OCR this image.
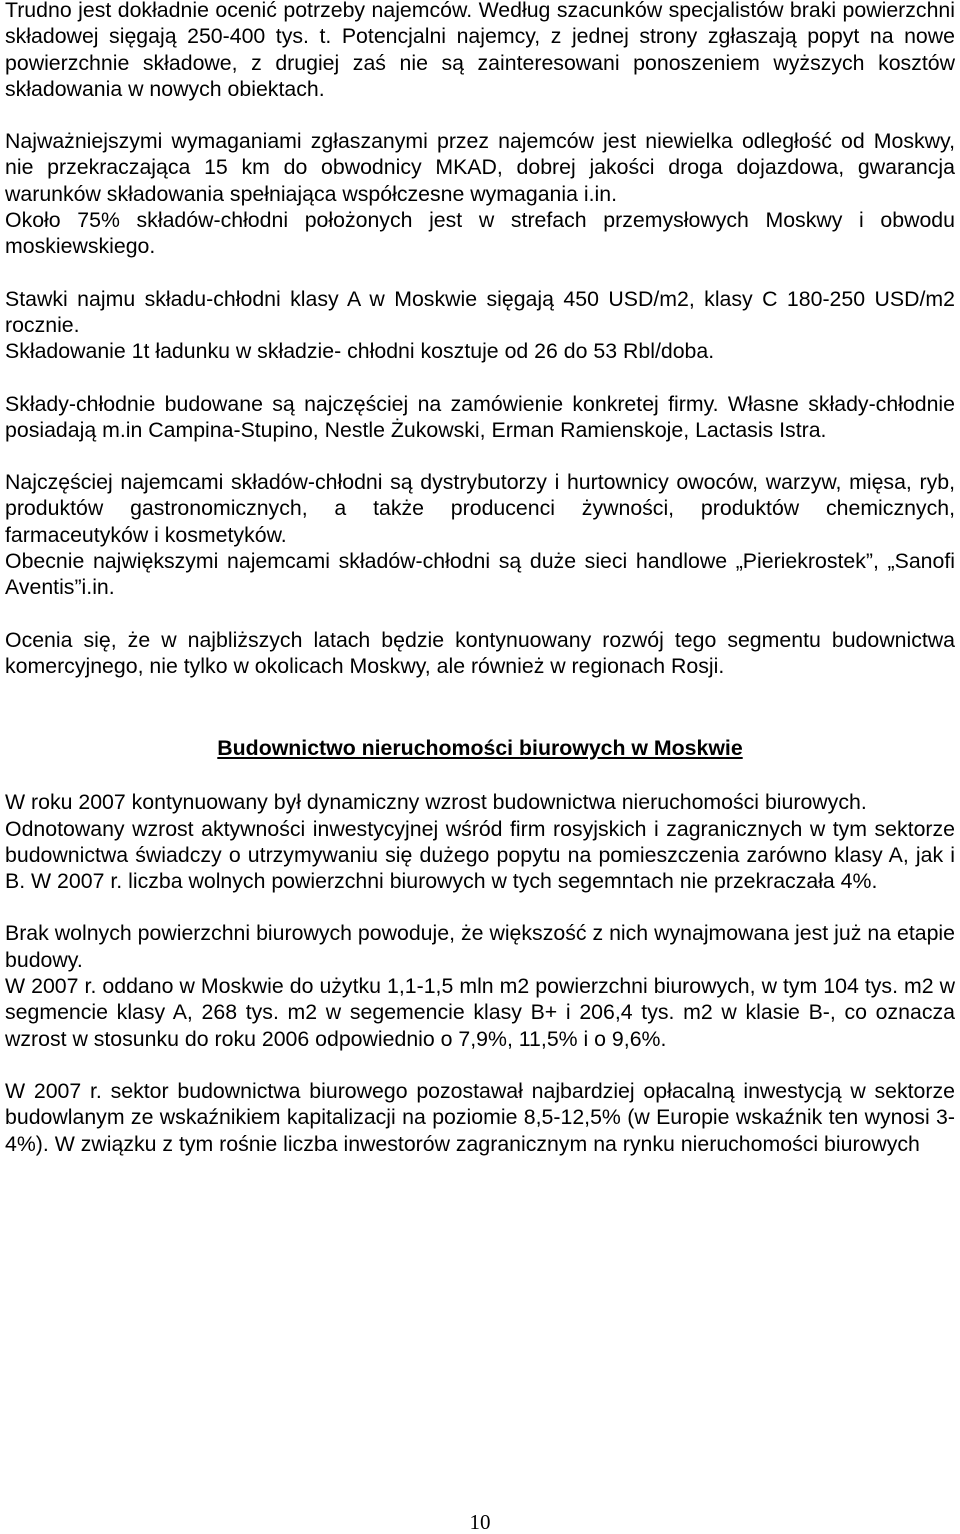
Trudno jest dokładnie ocenić potrzeby najemców. Według szacunków specjalistów braki powierzchni składowej sięgają 250-400 tys. t. Potencjalni najemcy, z jednej strony zgłaszają popyt na nowe powierzchnie składowe, z drugiej zaś nie są zainteresowani ponoszeniem wyższych kosztów składowania w nowych obiektach.

Najważniejszymi wymaganiami zgłaszanymi przez najemców jest niewielka odległość od Moskwy, nie przekraczająca 15 km do obwodnicy MKAD, dobrej jakości droga dojazdowa, gwarancja warunków składowania spełniająca współczesne wymagania i.in.

Około 75% składów-chłodni położonych jest w strefach przemysłowych Moskwy i obwodu moskiewskiego.

Stawki najmu składu-chłodni klasy A w Moskwie sięgają 450 USD/m2, klasy C 180-250 USD/m2 rocznie.

Składowanie 1t ładunku w składzie- chłodni kosztuje od 26 do 53 Rbl/doba.

Składy-chłodnie budowane są najczęściej na zamówienie konkretej firmy. Własne składy-chłodnie posiadają m.in Campina-Stupino, Nestle Żukowski, Erman Ramienskoje, Lactasis Istra.

Najczęściej najemcami składów-chłodni są dystrybutorzy i hurtownicy owoców, warzyw, mięsa, ryb, produktów gastronomicznych, a także producenci żywności, produktów chemicznych, farmaceutyków i kosmetyków.

Obecnie największymi najemcami składów-chłodni są duże sieci handlowe „Pieriekrostek”, „Sanofi Aventis”i.in.

Ocenia się, że w najbliższych latach będzie kontynuowany rozwój tego segmentu budownictwa komercyjnego, nie tylko w okolicach Moskwy, ale również w regionach Rosji.

Budownictwo nieruchomości biurowych w Moskwie

W roku 2007 kontynuowany był dynamiczny wzrost budownictwa nieruchomości biurowych.

Odnotowany wzrost aktywności inwestycyjnej wśród firm rosyjskich i zagranicznych w tym sektorze budownictwa świadczy o utrzymywaniu się dużego popytu na pomieszczenia zarówno klasy A, jak i B. W 2007 r. liczba wolnych powierzchni biurowych w tych segemntach nie przekraczała 4%.

Brak wolnych powierzchni biurowych powoduje, że większość z nich wynajmowana jest już na etapie budowy.

W 2007 r. oddano w Moskwie do użytku 1,1-1,5 mln m2 powierzchni biurowych, w tym 104 tys. m2 w segmencie klasy A, 268 tys. m2 w segemencie klasy B+ i 206,4 tys. m2 w klasie B-, co oznacza wzrost w stosunku do roku 2006 odpowiednio o 7,9%, 11,5% i o 9,6%.

W 2007 r. sektor budownictwa biurowego pozostawał najbardziej opłacalną inwestycją w sektorze budowlanym ze wskaźnikiem kapitalizacji na poziomie 8,5-12,5% (w Europie wskaźnik ten wynosi 3-4%). W związku z tym rośnie liczba inwestorów zagranicznym na rynku nieruchomości biurowych

10
